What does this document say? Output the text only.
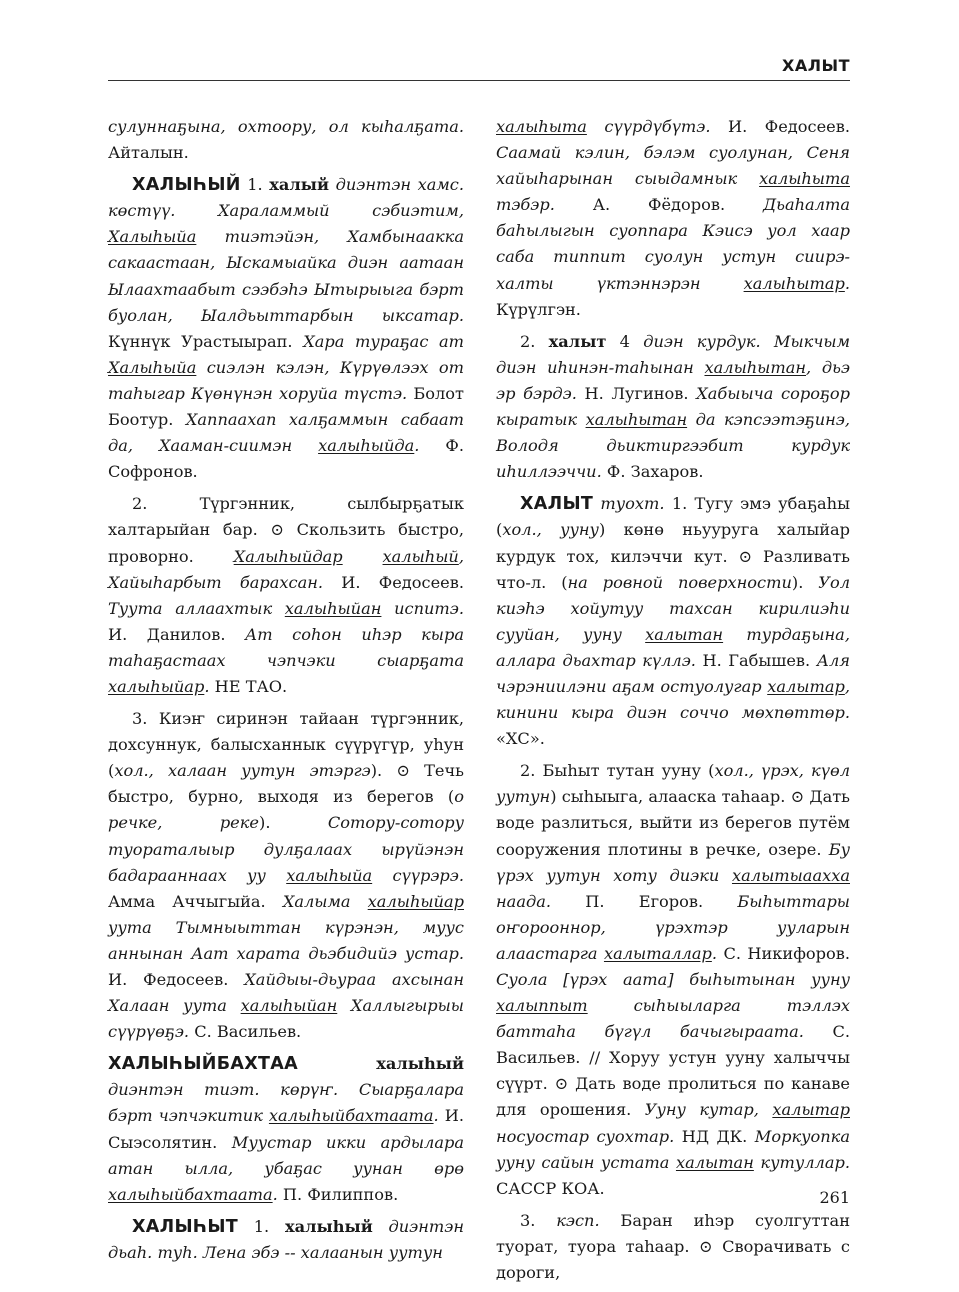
ХАЛЫТ

сулуннаҕына, охтоору, ол кыһалҕата. Айталын.

ХАЛЫҺЫЙ 1. халый диэнтэн хамс. көстүү. Хараламмый сэбиэтим, Халыһыйа тиэтэйэн, Хамбынаакка сакаастаан, Ыскамыайка диэн аатаан Ылаахтаабыт сээбэһэ Ытырыыга бэрт буолан, Ыалдьыттарбын ыксатар. Күннүк Урастыырап. Хара тураҕас ат Халыһыйа сиэлэн кэлэн, Күрүөлээх от таһыгар Күөнүнэн хоруйа түстэ. Болот Боотур. Хаппаахап халҕаммын сабаат да, Хааман-сиимэн халыһыйда. Ф. Софронов.

2. Түргэнник, сылбырҕатык халтарыйан бар. ⊙ Скользить быстро, проворно. Халыһыйдар халыһый, Хайыһарбыт барахсан. И. Федосеев. Туута аллаахтык халыһыйан испитэ. И. Данилов. Ат соһон иһэр кыра таһаҕастаах чэпчэки сыарҕата халыһыйар. НЕ ТАО.

3. Киэҥ сиринэн тайаан түргэнник, дохсуннук, балысханнык сүүрүгүр, уһун (хол., халаан уутун этэргэ). ⊙ Течь быстро, бурно, выходя из берегов (о речке, реке). Сотору-сотору туораталыыр дулҕалаах ырүйэнэн бадарааннаах уу халыһыйа сүүрэрэ. Амма Аччыгыйа. Халыма халыһыйар уута Тымныыттан күрэнэн, муус аннынан Аат харата дьэбидийэ устар. И. Федосеев. Хайдыы-дьураа ахсынан Халаан уута халыһыйан Халлыгырыы сүүрүөҕэ. С. Васильев.

ХАЛЫҺЫЙБАХТАА	халыһый диэнтэн тиэт. көрүҥ. Сыарҕалара бэрт чэпчэкитик халыһыйбахтаата. И. Сыэсолятин. Муустар икки ардылара атан ылла, убаҕас уунан өрө халыһыйбахтаата. П. Филиппов.

ХАЛЫҺЫТ 1. халыһый диэнтэн дьаһ. туһ. Лена эбэ -- халаанын уутун

халыһыта сүүрдүбүтэ. И. Федосеев. Саамай кэлин, бэлэм суолунан, Сеня хайыһарынан сыыдамнык халыһыта тэбэр. А. Фёдоров. Дьаһалта баһылыгын суоппара Кэисэ уол хаар саба типпит суолун устун сиирэ-халты үктэннэрэн халыһытар. Күрүлгэн.

2. халыт 4 диэн курдук. Мыкчым диэн иһинэн-таһынан халыһытан, дьэ эр бэрдэ. Н. Лугинов. Хабыыча сороҕор кыратык халыһытан да кэпсээтэҕинэ, Володя дьиктиргээбит курдук иһиллээччи. Ф. Захаров.

ХАЛЫТ туохт. 1. Тугу эмэ убаҕаһы (хол., ууну) көнө ньууруга халыйар курдук тох, килэччи кут. ⊙ Разливать что-л. (на ровной поверхности). Уол киэһэ хойутуу тахсан кирилиэһи сууйан, ууну халытан турдаҕына, аллара дьахтар күллэ. Н. Габышев. Аля чэрэниилэни аҕам остуолугар халытар, кинини кыра диэн соччо мөхпөттөр. «ХС».

2. Быһыт тутан ууну (хол., үрэх, күөл уутун) сыһыыга, алааска таһаар. ⊙ Дать воде разлиться, выйти из берегов путём сооружения плотины в речке, озере. Бу үрэх уутун хоту диэки халытыаахха наада. П. Егоров. Быһыттары оҥорооннор, үрэхтэр ууларын алаастарга халыталлар. С. Никифоров. Суола [үрэх аата] быһытынан ууну халыппыт сыһыыларга тэллэх баттаһа бүгүл бачыгыраата. С. Васильев. // Хоруу устун ууну халыччы сүүрт. ⊙ Дать воде пролиться по канаве для орошения. Ууну кутар, халытар носуостар суохтар. НД ДК. Моркуопка ууну сайын устата халытан кутуллар. САССР КОА.

3. кэсп. Баран иһэр суолгуттан туорат, туора таһаар. ⊙ Сворачивать с дороги,

261
